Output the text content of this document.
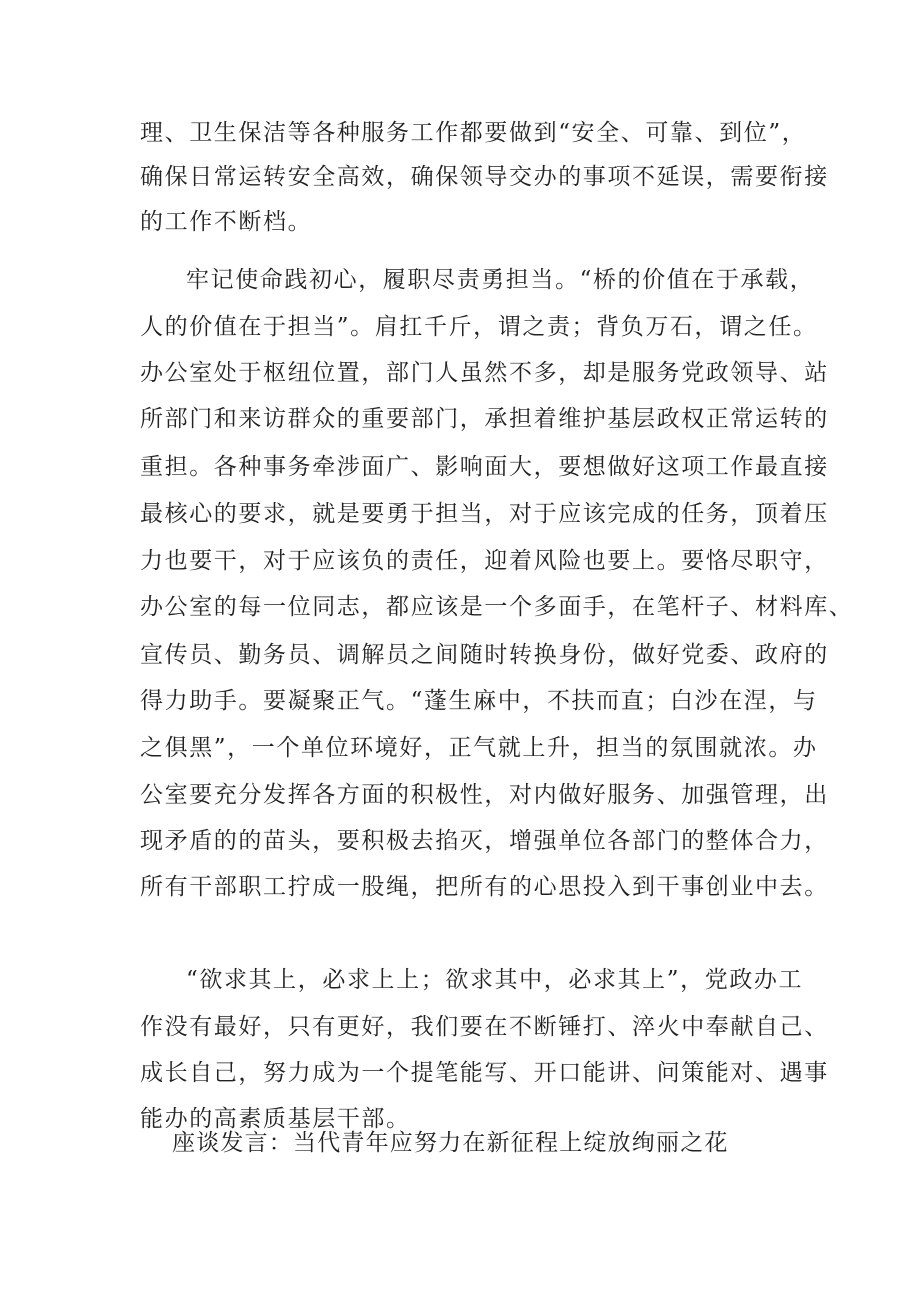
理、卫生保洁等各种服务工作都要做到“安全、可靠、到位”，
确保日常运转安全高效，确保领导交办的事项不延误，需要衔接
的工作不断档。
牢记使命践初心，履职尽责勇担当。“桥的价值在于承载，
人的价值在于担当”。肩扛千斤，谓之责；背负万石，谓之任。
办公室处于枢纽位置，部门人虽然不多，却是服务党政领导、站
所部门和来访群众的重要部门，承担着维护基层政权正常运转的
重担。各种事务牵涉面广、影响面大，要想做好这项工作最直接
最核心的要求，就是要勇于担当，对于应该完成的任务，顶着压
力也要干，对于应该负的责任，迎着风险也要上。要恪尽职守，
办公室的每一位同志，都应该是一个多面手，在笔杆子、材料库、
宣传员、勤务员、调解员之间随时转换身份，做好党委、政府的
得力助手。要凝聚正气。“蓬生麻中，不扶而直；白沙在涅，与
之俱黑”，一个单位环境好，正气就上升，担当的氛围就浓。办
公室要充分发挥各方面的积极性，对内做好服务、加强管理，出
现矛盾的的苗头，要积极去掐灭，增强单位各部门的整体合力，
所有干部职工拧成一股绳，把所有的心思投入到干事创业中去。
“欲求其上，必求上上；欲求其中，必求其上”，党政办工
作没有最好，只有更好，我们要在不断锤打、淬火中奉献自己、
成长自己，努力成为一个提笔能写、开口能讲、问策能对、遇事
能办的高素质基层干部。
座谈发言：当代青年应努力在新征程上绽放绚丽之花
